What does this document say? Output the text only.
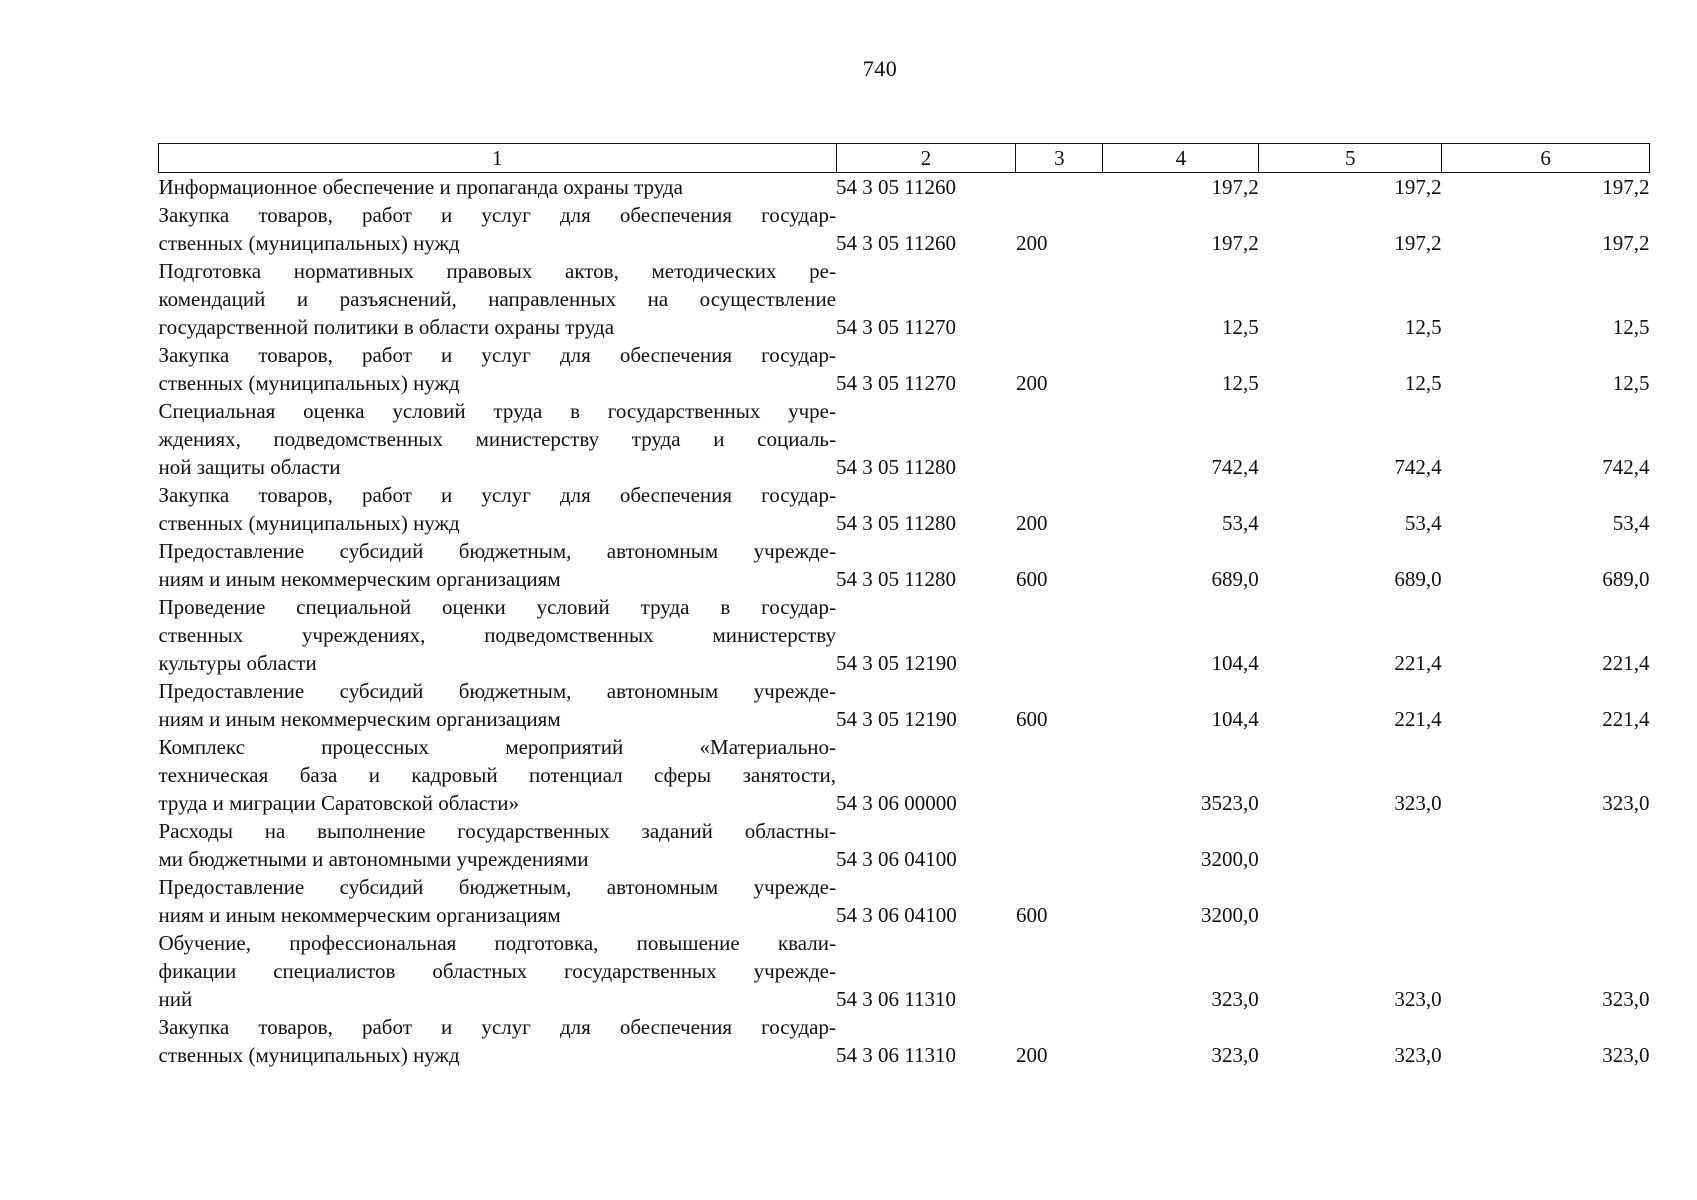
740
1	2	3	4	5	6

Информационное обеспечение и пропаганда охраны труда	54 3 05 11260		197,2	197,2	197,2

Закупка товаров, работ и услуг для обеспечения государ-
ственных (муниципальных) нужд	54 3 05 11260	200	197,2	197,2	197,2

Подготовка нормативных правовых актов, методических ре-
комендаций и разъяснений, направленных на осуществление
государственной политики в области охраны труда	54 3 05 11270		12,5	12,5	12,5

Закупка товаров, работ и услуг для обеспечения государ-
ственных (муниципальных) нужд	54 3 05 11270	200	12,5	12,5	12,5

Специальная оценка условий труда в государственных учре-
ждениях, подведомственных министерству труда и социаль-
ной защиты области	54 3 05 11280		742,4	742,4	742,4

Закупка товаров, работ и услуг для обеспечения государ-
ственных (муниципальных) нужд	54 3 05 11280	200	53,4	53,4	53,4

Предоставление субсидий бюджетным, автономным учрежде-
ниям и иным некоммерческим организациям	54 3 05 11280	600	689,0	689,0	689,0

Проведение специальной оценки условий труда в государ-
ственных учреждениях, подведомственных министерству
культуры области	54 3 05 12190		104,4	221,4	221,4

Предоставление субсидий бюджетным, автономным учрежде-
ниям и иным некоммерческим организациям	54 3 05 12190	600	104,4	221,4	221,4

Комплекс процессных мероприятий «Материально-
техническая база и кадровый потенциал сферы занятости,
труда и миграции Саратовской области»	54 3 06 00000		3523,0	323,0	323,0

Расходы на выполнение государственных заданий областны-
ми бюджетными и автономными учреждениями	54 3 06 04100		3200,0		

Предоставление субсидий бюджетным, автономным учрежде-
ниям и иным некоммерческим организациям	54 3 06 04100	600	3200,0		

Обучение, профессиональная подготовка, повышение квали-
фикации специалистов областных государственных учрежде-
ний	54 3 06 11310		323,0	323,0	323,0

Закупка товаров, работ и услуг для обеспечения государ-
ственных (муниципальных) нужд	54 3 06 11310	200	323,0	323,0	323,0
